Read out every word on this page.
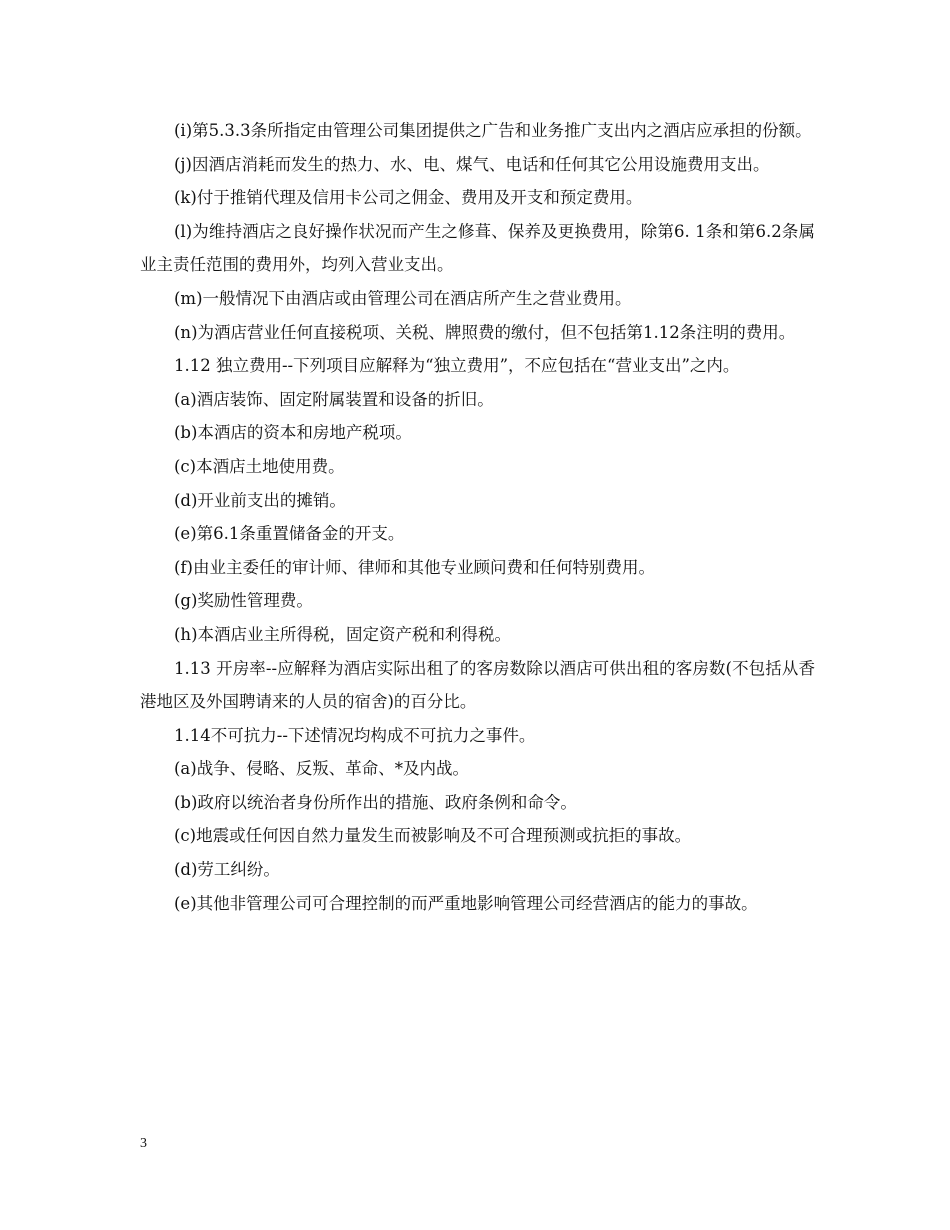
(i)第5.3.3条所指定由管理公司集团提供之广告和业务推广支出内之酒店应承担的份额。

(j)因酒店消耗而发生的热力、水、电、煤气、电话和任何其它公用设施费用支出。

(k)付于推销代理及信用卡公司之佣金、费用及开支和预定费用。

(l)为维持酒店之良好操作状况而产生之修葺、保养及更换费用，除第6. 1条和第6.2条属业主责任范围的费用外，均列入营业支出。

(m)一般情况下由酒店或由管理公司在酒店所产生之营业费用。

(n)为酒店营业任何直接税项、关税、牌照费的缴付，但不包括第1.12条注明的费用。

1.12 独立费用--下列项目应解释为“独立费用”，不应包括在“营业支出”之内。

(a)酒店装饰、固定附属装置和设备的折旧。

(b)本酒店的资本和房地产税项。

(c)本酒店土地使用费。

(d)开业前支出的摊销。

(e)第6.1条重置储备金的开支。

(f)由业主委任的审计师、律师和其他专业顾问费和任何特别费用。

(g)奖励性管理费。

(h)本酒店业主所得税，固定资产税和利得税。

1.13 开房率--应解释为酒店实际出租了的客房数除以酒店可供出租的客房数(不包括从香港地区及外国聘请来的人员的宿舍)的百分比。

1.14不可抗力--下述情况均构成不可抗力之事件。

(a)战争、侵略、反叛、革命、*及内战。

(b)政府以统治者身份所作出的措施、政府条例和命令。

(c)地震或任何因自然力量发生而被影响及不可合理预测或抗拒的事故。

(d)劳工纠纷。

(e)其他非管理公司可合理控制的而严重地影响管理公司经营酒店的能力的事故。

3
